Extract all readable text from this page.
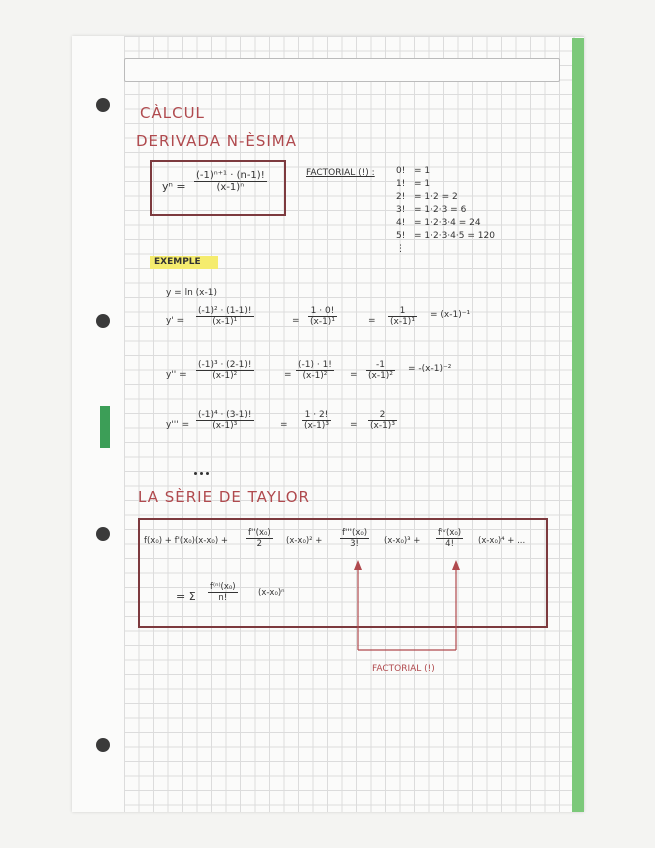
CÀLCUL
DERIVADA N-ÈSIMA
yⁿ =
(-1)ⁿ⁺¹ · (n-1)!
(x-1)ⁿ
FACTORIAL (!) : 0! = 1
1! = 1
2! = 1·2 = 2
3! = 1·2·3 = 6
4! = 1·2·3·4 = 24
5! = 1·2·3·4·5 = 120
⋮
EXEMPLE
y = ln (x-1)
y' =
(-1)² · (1-1)!
(x-1)¹	=
1 · 0!
(x-1)¹	=
1
(x-1)¹
= (x-1)⁻¹
y'' =
(-1)³ · (2-1)!
(x-1)²	=
(-1) · 1!
(x-1)²	=
-1
(x-1)²
= -(x-1)⁻²
y''' =
(-1)⁴ · (3-1)!
(x-1)³	=
1 · 2!
(x-1)³ =
2
(x-1)³
LA SÈRIE DE TAYLOR
f(x₀) + f'(x₀)(x-x₀) +
f''(x₀)
2	(x-x₀)² +
f'''(x₀)
3!	(x-x₀)³ +
fⁱᵛ(x₀)
4!	(x-x₀)⁴ + ...
= Σ
f⁽ⁿ⁾(x₀)
n!	(x-x₀)ⁿ
FACTORIAL (!)
